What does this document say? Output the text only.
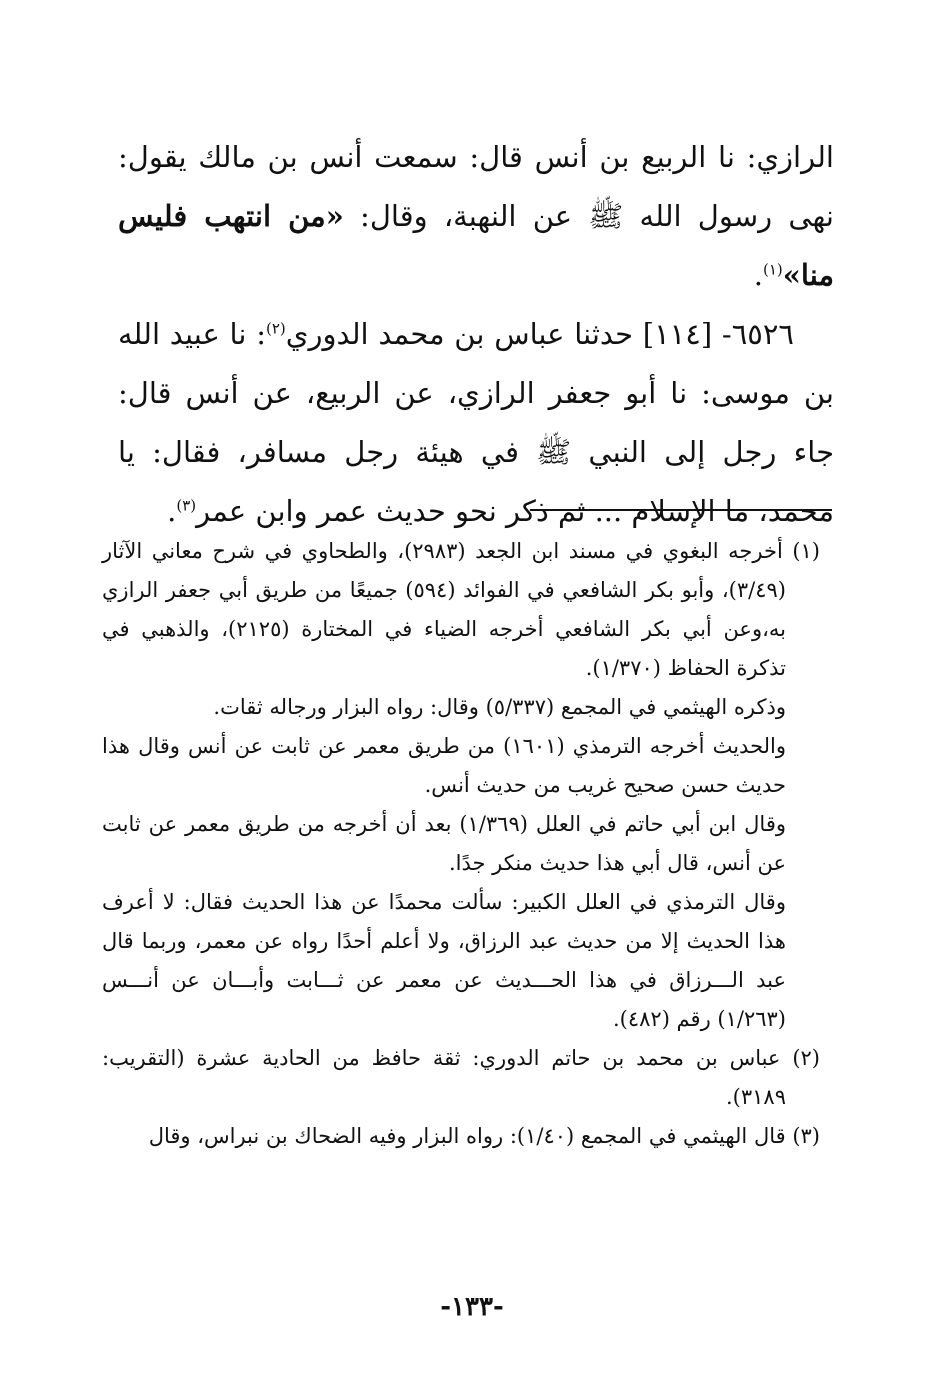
الرازي: نا الربيع بن أنس قال: سمعت أنس بن مالك يقول: نهى رسول الله ﷺ عن النهبة، وقال: «من انتهب فليس منا»$^{(١)}$.

٦٥٢٦- [١١٤] حدثنا عباس بن محمد الدوري$^{(٢)}$: نا عبيد الله بن موسى: نا أبو جعفر الرازي، عن الربيع، عن أنس قال: جاء رجل إلى النبي ﷺ في هيئة رجل مسافر، فقال: يا محمد، ما الإسلام ... ثم ذكر نحو حديث عمر وابن عمر$^{(٣)}$.

(١) أخرجه البغوي في مسند ابن الجعد (٢٩٨٣)، والطحاوي في شرح معاني الآثار (٣/٤٩)، وأبو بكر الشافعي في الفوائد (٥٩٤) جميعًا من طريق أبي جعفر الرازي به،وعن أبي بكر الشافعي أخرجه الضياء في المختارة (٢١٢٥)، والذهبي في تذكرة الحفاظ (١/٣٧٠).

وذكره الهيثمي في المجمع (٥/٣٣٧) وقال: رواه البزار ورجاله ثقات.

والحديث أخرجه الترمذي (١٦٠١) من طريق معمر عن ثابت عن أنس وقال هذا حديث حسن صحيح غريب من حديث أنس.

وقال ابن أبي حاتم في العلل (١/٣٦٩) بعد أن أخرجه من طريق معمر عن ثابت عن أنس، قال أبي هذا حديث منكر جدًا.

وقال الترمذي في العلل الكبير: سألت محمدًا عن هذا الحديث فقال: لا أعرف هذا الحديث إلا من حديث عبد الرزاق، ولا أعلم أحدًا رواه عن معمر، وربما قال عبد الـــرزاق في هذا الحـــديث عن معمر عن ثـــابت وأبـــان عن أنـــس (١/٢٦٣) رقم (٤٨٢).

(٢) عباس بن محمد بن حاتم الدوري: ثقة حافظ من الحادية عشرة (التقريب: ٣١٨٩).

(٣) قال الهيثمي في المجمع (١/٤٠): رواه البزار وفيه الضحاك بن نبراس، وقال

-١٣٣-
